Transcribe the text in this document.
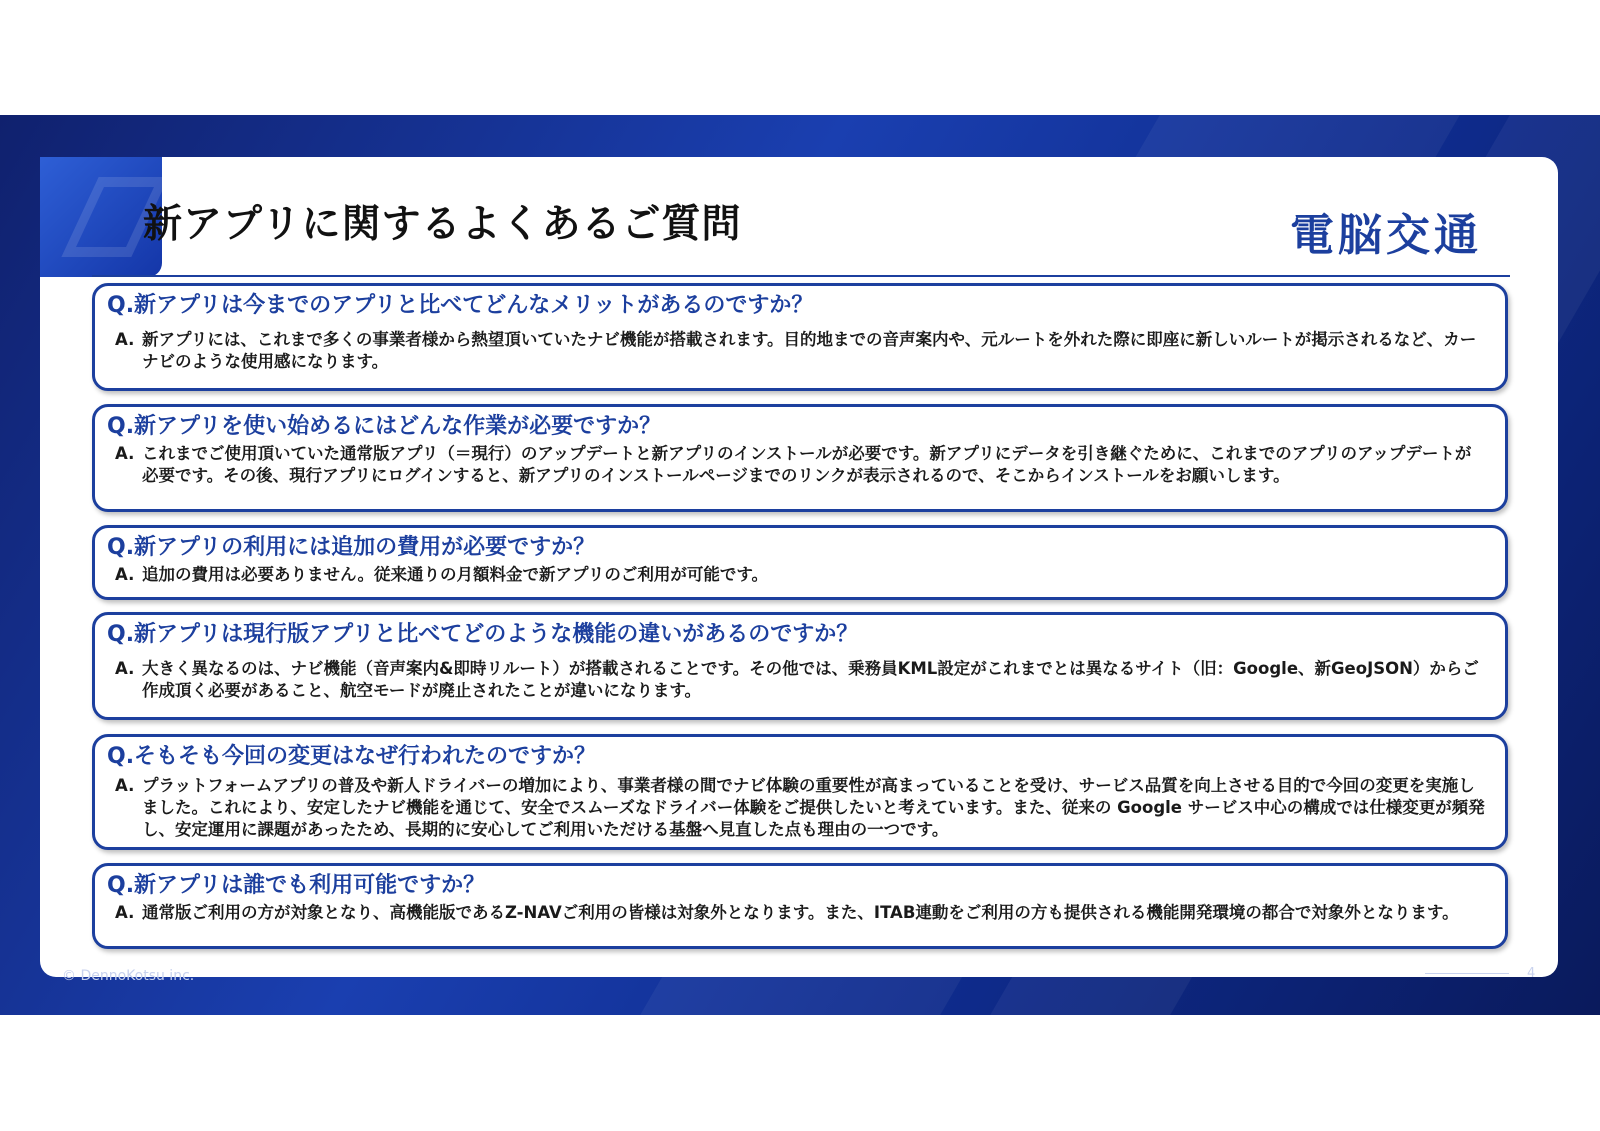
新アプリに関するよくあるご質問	電脳交通
Q.新アプリは今までのアプリと比べてどんなメリットがあるのですか？
A. 新アプリには、これまで多くの事業者様から熱望頂いていたナビ機能が搭載されます。目的地までの音声案内や、元ルートを外れた際に即座に新しいルートが掲示されるなど、カーナビのような使用感になります。
Q.新アプリを使い始めるにはどんな作業が必要ですか？
A. これまでご使用頂いていた通常版アプリ（＝現行）のアップデートと新アプリのインストールが必要です。新アプリにデータを引き継ぐために、これまでのアプリのアップデートが必要です。その後、現行アプリにログインすると、新アプリのインストールページまでのリンクが表示されるので、そこからインストールをお願いします。
Q.新アプリの利用には追加の費用が必要ですか？
A. 追加の費用は必要ありません。従来通りの月額料金で新アプリのご利用が可能です。
Q.新アプリは現行版アプリと比べてどのような機能の違いがあるのですか？
A. 大きく異なるのは、ナビ機能（音声案内&即時リルート）が搭載されることです。その他では、乗務員KML設定がこれまでとは異なるサイト（旧：Google、新GeoJSON）からご作成頂く必要があること、航空モードが廃止されたことが違いになります。
Q.そもそも今回の変更はなぜ行われたのですか？
A. プラットフォームアプリの普及や新人ドライバーの増加により、事業者様の間でナビ体験の重要性が高まっていることを受け、サービス品質を向上させる目的で今回の変更を実施しました。これにより、安定したナビ機能を通じて、安全でスムーズなドライバー体験をご提供したいと考えています。また、従来の Google サービス中心の構成では仕様変更が頻発し、安定運用に課題があったため、長期的に安心してご利用いただける基盤へ見直した点も理由の一つです。
Q.新アプリは誰でも利用可能ですか？
A. 通常版ご利用の方が対象となり、高機能版であるZ-NAVご利用の皆様は対象外となります。また、ITAB連動をご利用の方も提供される機能開発環境の都合で対象外となります。
© DennoKotsu inc.	4
